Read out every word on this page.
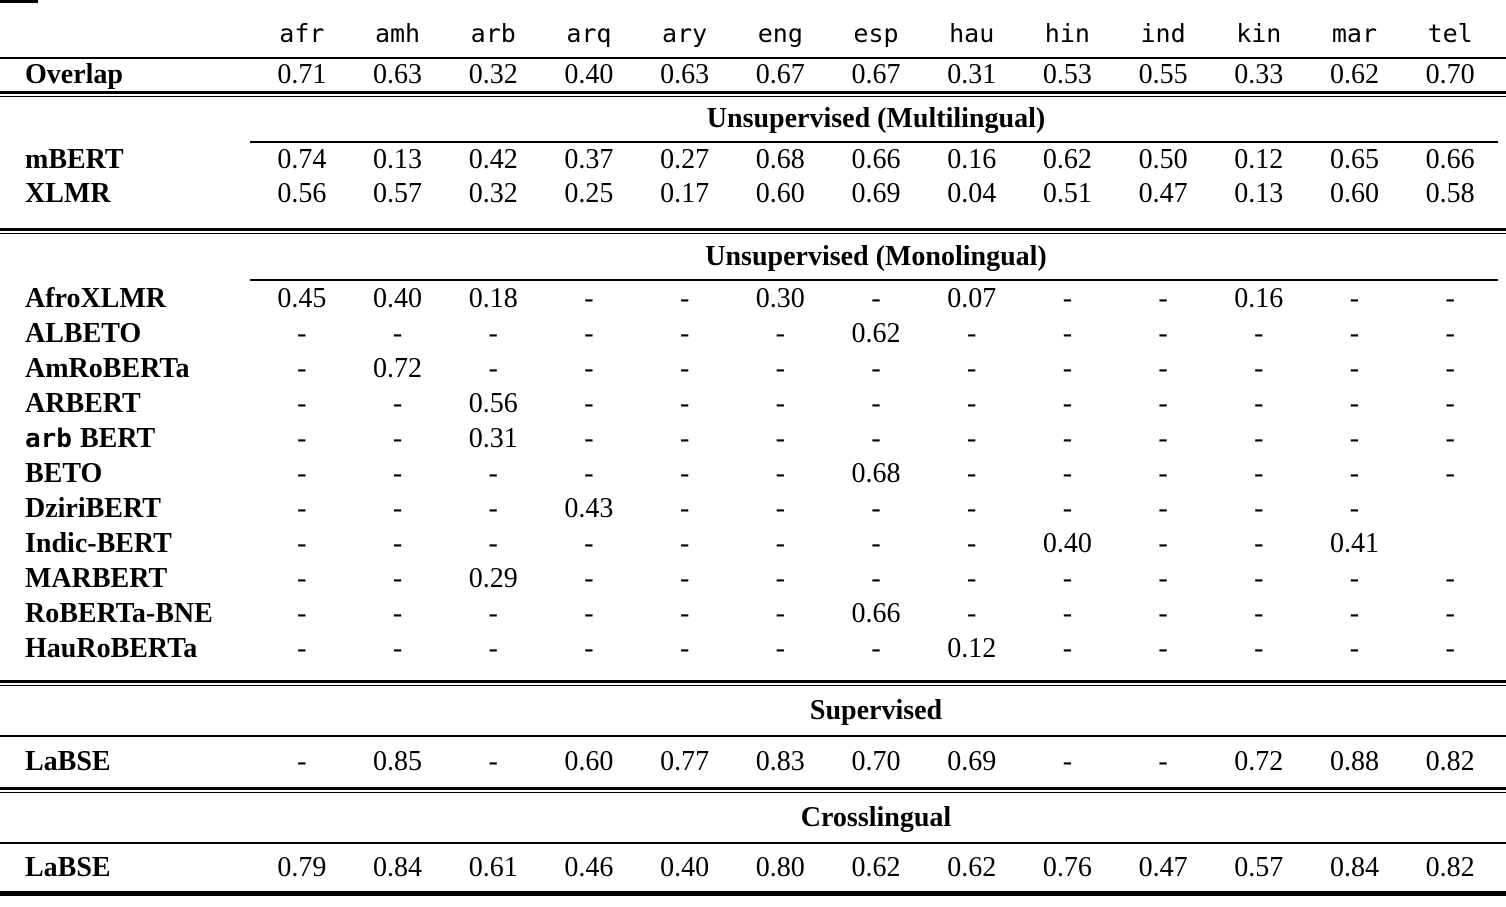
afr	amh	arb	arq	ary	eng	esp	hau	hin	ind	kin	mar	tel
Overlap	0.71	0.63	0.32	0.40	0.63	0.67	0.67	0.31	0.53	0.55	0.33	0.62	0.70
Unsupervised (Multilingual)
mBERT	0.74	0.13	0.42	0.37	0.27	0.68	0.66	0.16	0.62	0.50	0.12	0.65	0.66
XLMR	0.56	0.57	0.32	0.25	0.17	0.60	0.69	0.04	0.51	0.47	0.13	0.60	0.58
Unsupervised (Monolingual)
AfroXLMR	0.45	0.40	0.18	-	-	0.30	-	0.07	-	-	0.16	-	-
ALBETO	-	-	-	-	-	-	0.62	-	-	-	-	-	-
AmRoBERTa	-	0.72	-	-	-	-	-	-	-	-	-	-	-
ARBERT	-	-	0.56	-	-	-	-	-	-	-	-	-	-
arb BERT	-	-	0.31	-	-	-	-	-	-	-	-	-	-
BETO	-	-	-	-	-	-	0.68	-	-	-	-	-	-
DziriBERT	-	-	-	0.43	-	-	-	-	-	-	-	-
Indic-BERT	-	-	-	-	-	-	-	-	0.40	-	-	0.41
MARBERT	-	-	0.29	-	-	-	-	-	-	-	-	-	-
RoBERTa-BNE	-	-	-	-	-	-	0.66	-	-	-	-	-	-
HauRoBERTa	-	-	-	-	-	-	-	0.12	-	-	-	-	-
Supervised
LaBSE	-	0.85	-	0.60	0.77	0.83	0.70	0.69	-	-	0.72	0.88	0.82
Crosslingual
LaBSE	0.79	0.84	0.61	0.46	0.40	0.80	0.62	0.62	0.76	0.47	0.57	0.84	0.82
